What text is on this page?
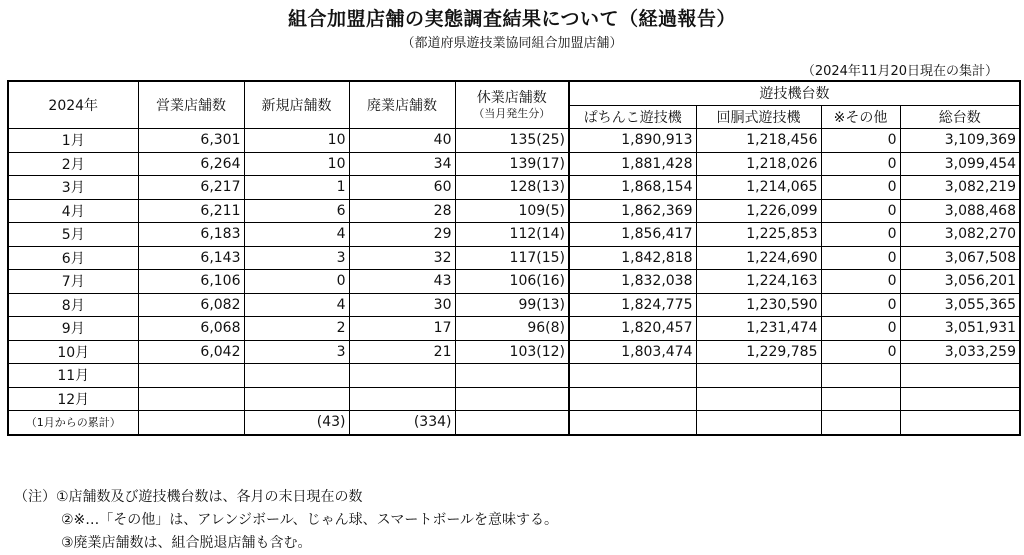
組合加盟店舗の実態調査結果について（経過報告）
（都道府県遊技業協同組合加盟店舗）
（2024年11月20日現在の集計）
2024年	営業店舗数	新規店舗数	廃業店舗数	休業店舗数
（当月発生分）	遊技機台数			
					ぱちんこ遊技機	回胴式遊技機	※その他	総台数
1月	6,301	10	40	135(25)	1,890,913	1,218,456	0	3,109,369
2月	6,264	10	34	139(17)	1,881,428	1,218,026	0	3,099,454
3月	6,217	1	60	128(13)	1,868,154	1,214,065	0	3,082,219
4月	6,211	6	28	109(5)	1,862,369	1,226,099	0	3,088,468
5月	6,183	4	29	112(14)	1,856,417	1,225,853	0	3,082,270
6月	6,143	3	32	117(15)	1,842,818	1,224,690	0	3,067,508
7月	6,106	0	43	106(16)	1,832,038	1,224,163	0	3,056,201
8月	6,082	4	30	99(13)	1,824,775	1,230,590	0	3,055,365
9月	6,068	2	17	96(8)	1,820,457	1,231,474	0	3,051,931
10月	6,042	3	21	103(12)	1,803,474	1,229,785	0	3,033,259
11月								
12月								
（1月からの累計）		(43)	(334)					
（注）①店舗数及び遊技機台数は、各月の末日現在の数
②※…「その他」は、アレンジボール、じゃん球、スマートボールを意味する。
③廃業店舗数は、組合脱退店舗も含む。
